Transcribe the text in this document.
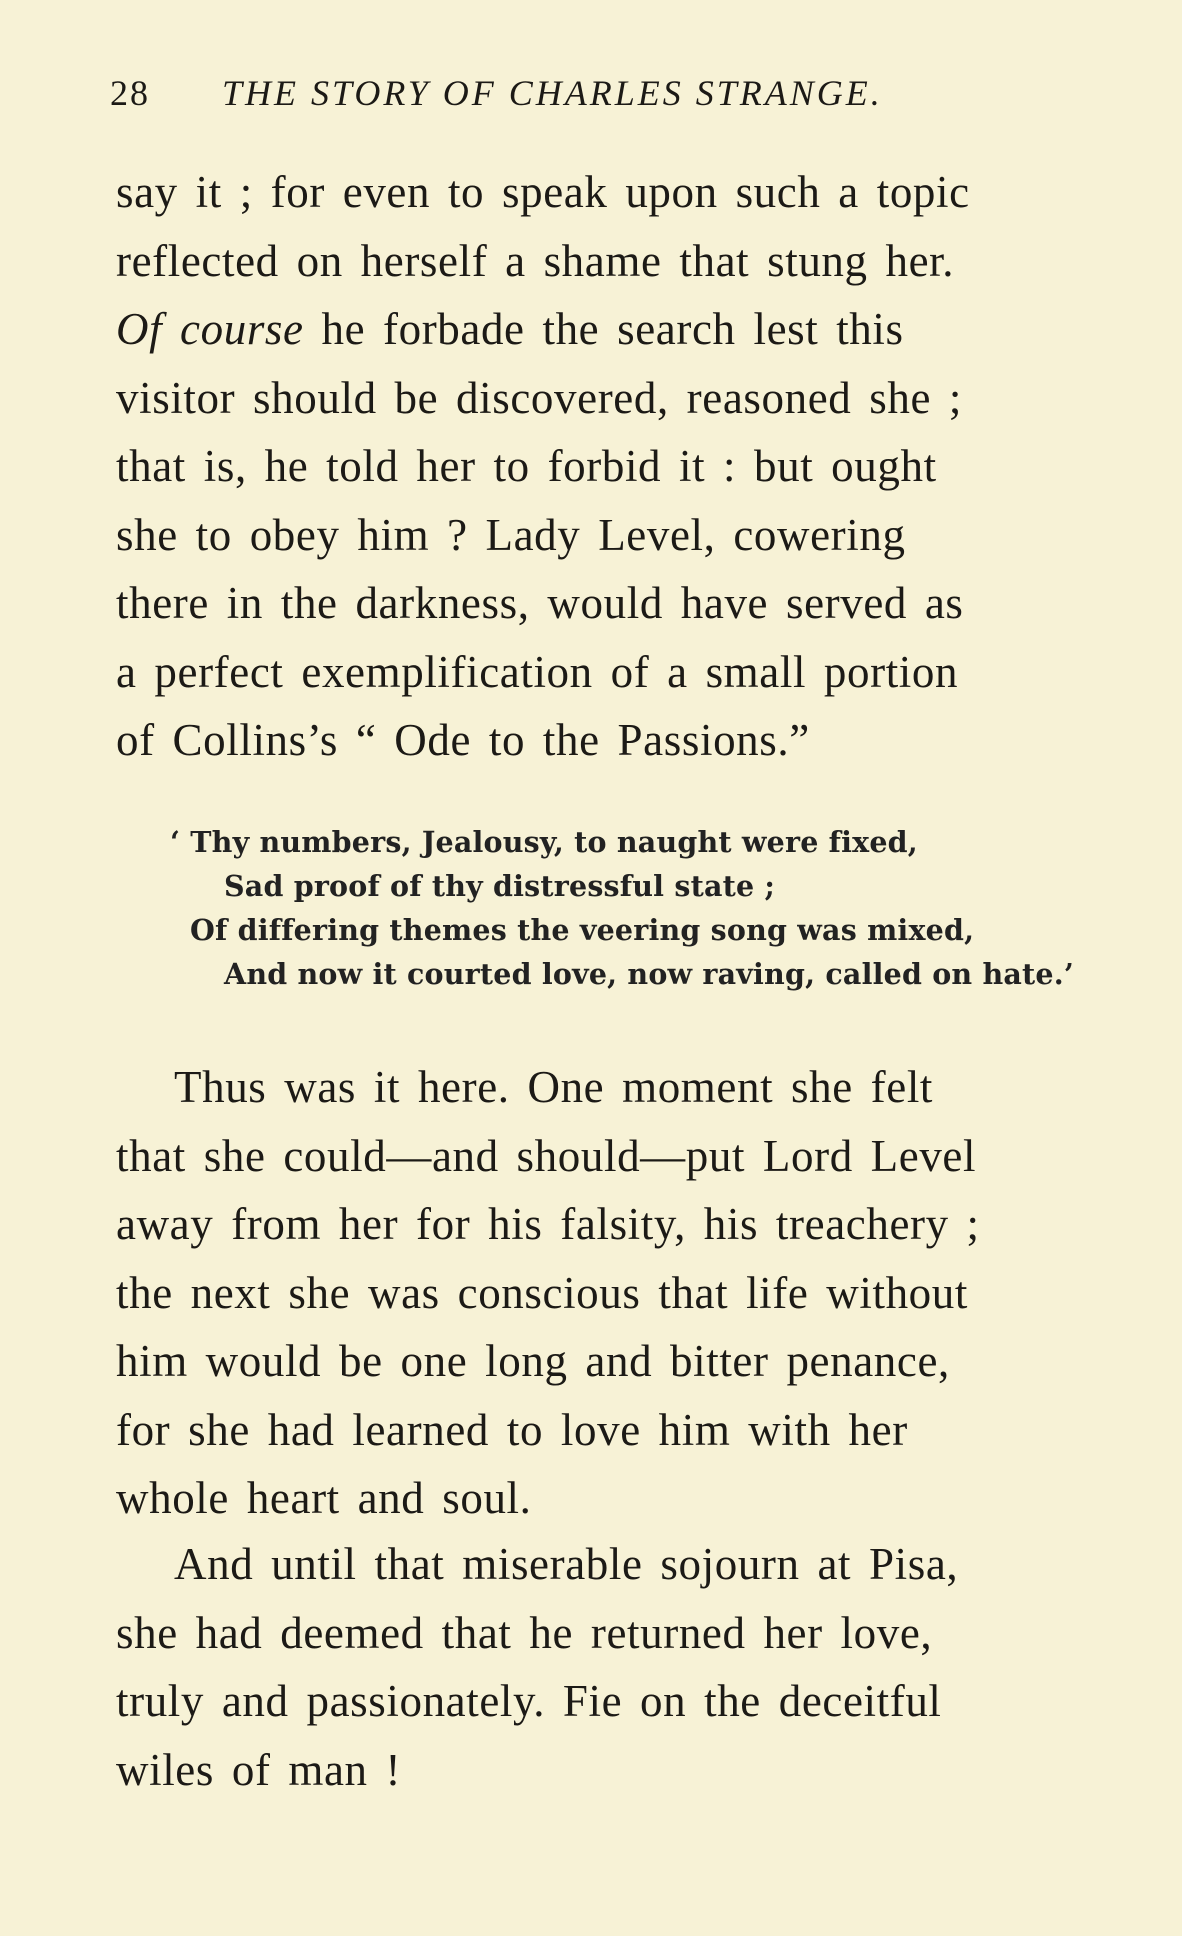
28 THE STORY OF CHARLES STRANGE.
say it ; for even to speak upon such a topic
reflected on herself a shame that stung her.
Of course he forbade the search lest this
visitor should be discovered, reasoned she ;
that is, he told her to forbid it : but ought
she to obey him ? Lady Level, cowering
there in the darkness, would have served as
a perfect exemplification of a small portion
of Collins’s “ Ode to the Passions.”
‘ Thy numbers, Jealousy, to naught were fixed,
Sad proof of thy distressful state ;
Of differing themes the veering song was mixed,
And now it courted love, now raving, called on hate.’
Thus was it here. One moment she felt
that she could—and should—put Lord Level
away from her for his falsity, his treachery ;
the next she was conscious that life without
him would be one long and bitter penance,
for she had learned to love him with her
whole heart and soul.
And until that miserable sojourn at Pisa,
she had deemed that he returned her love,
truly and passionately. Fie on the deceitful
wiles of man !
